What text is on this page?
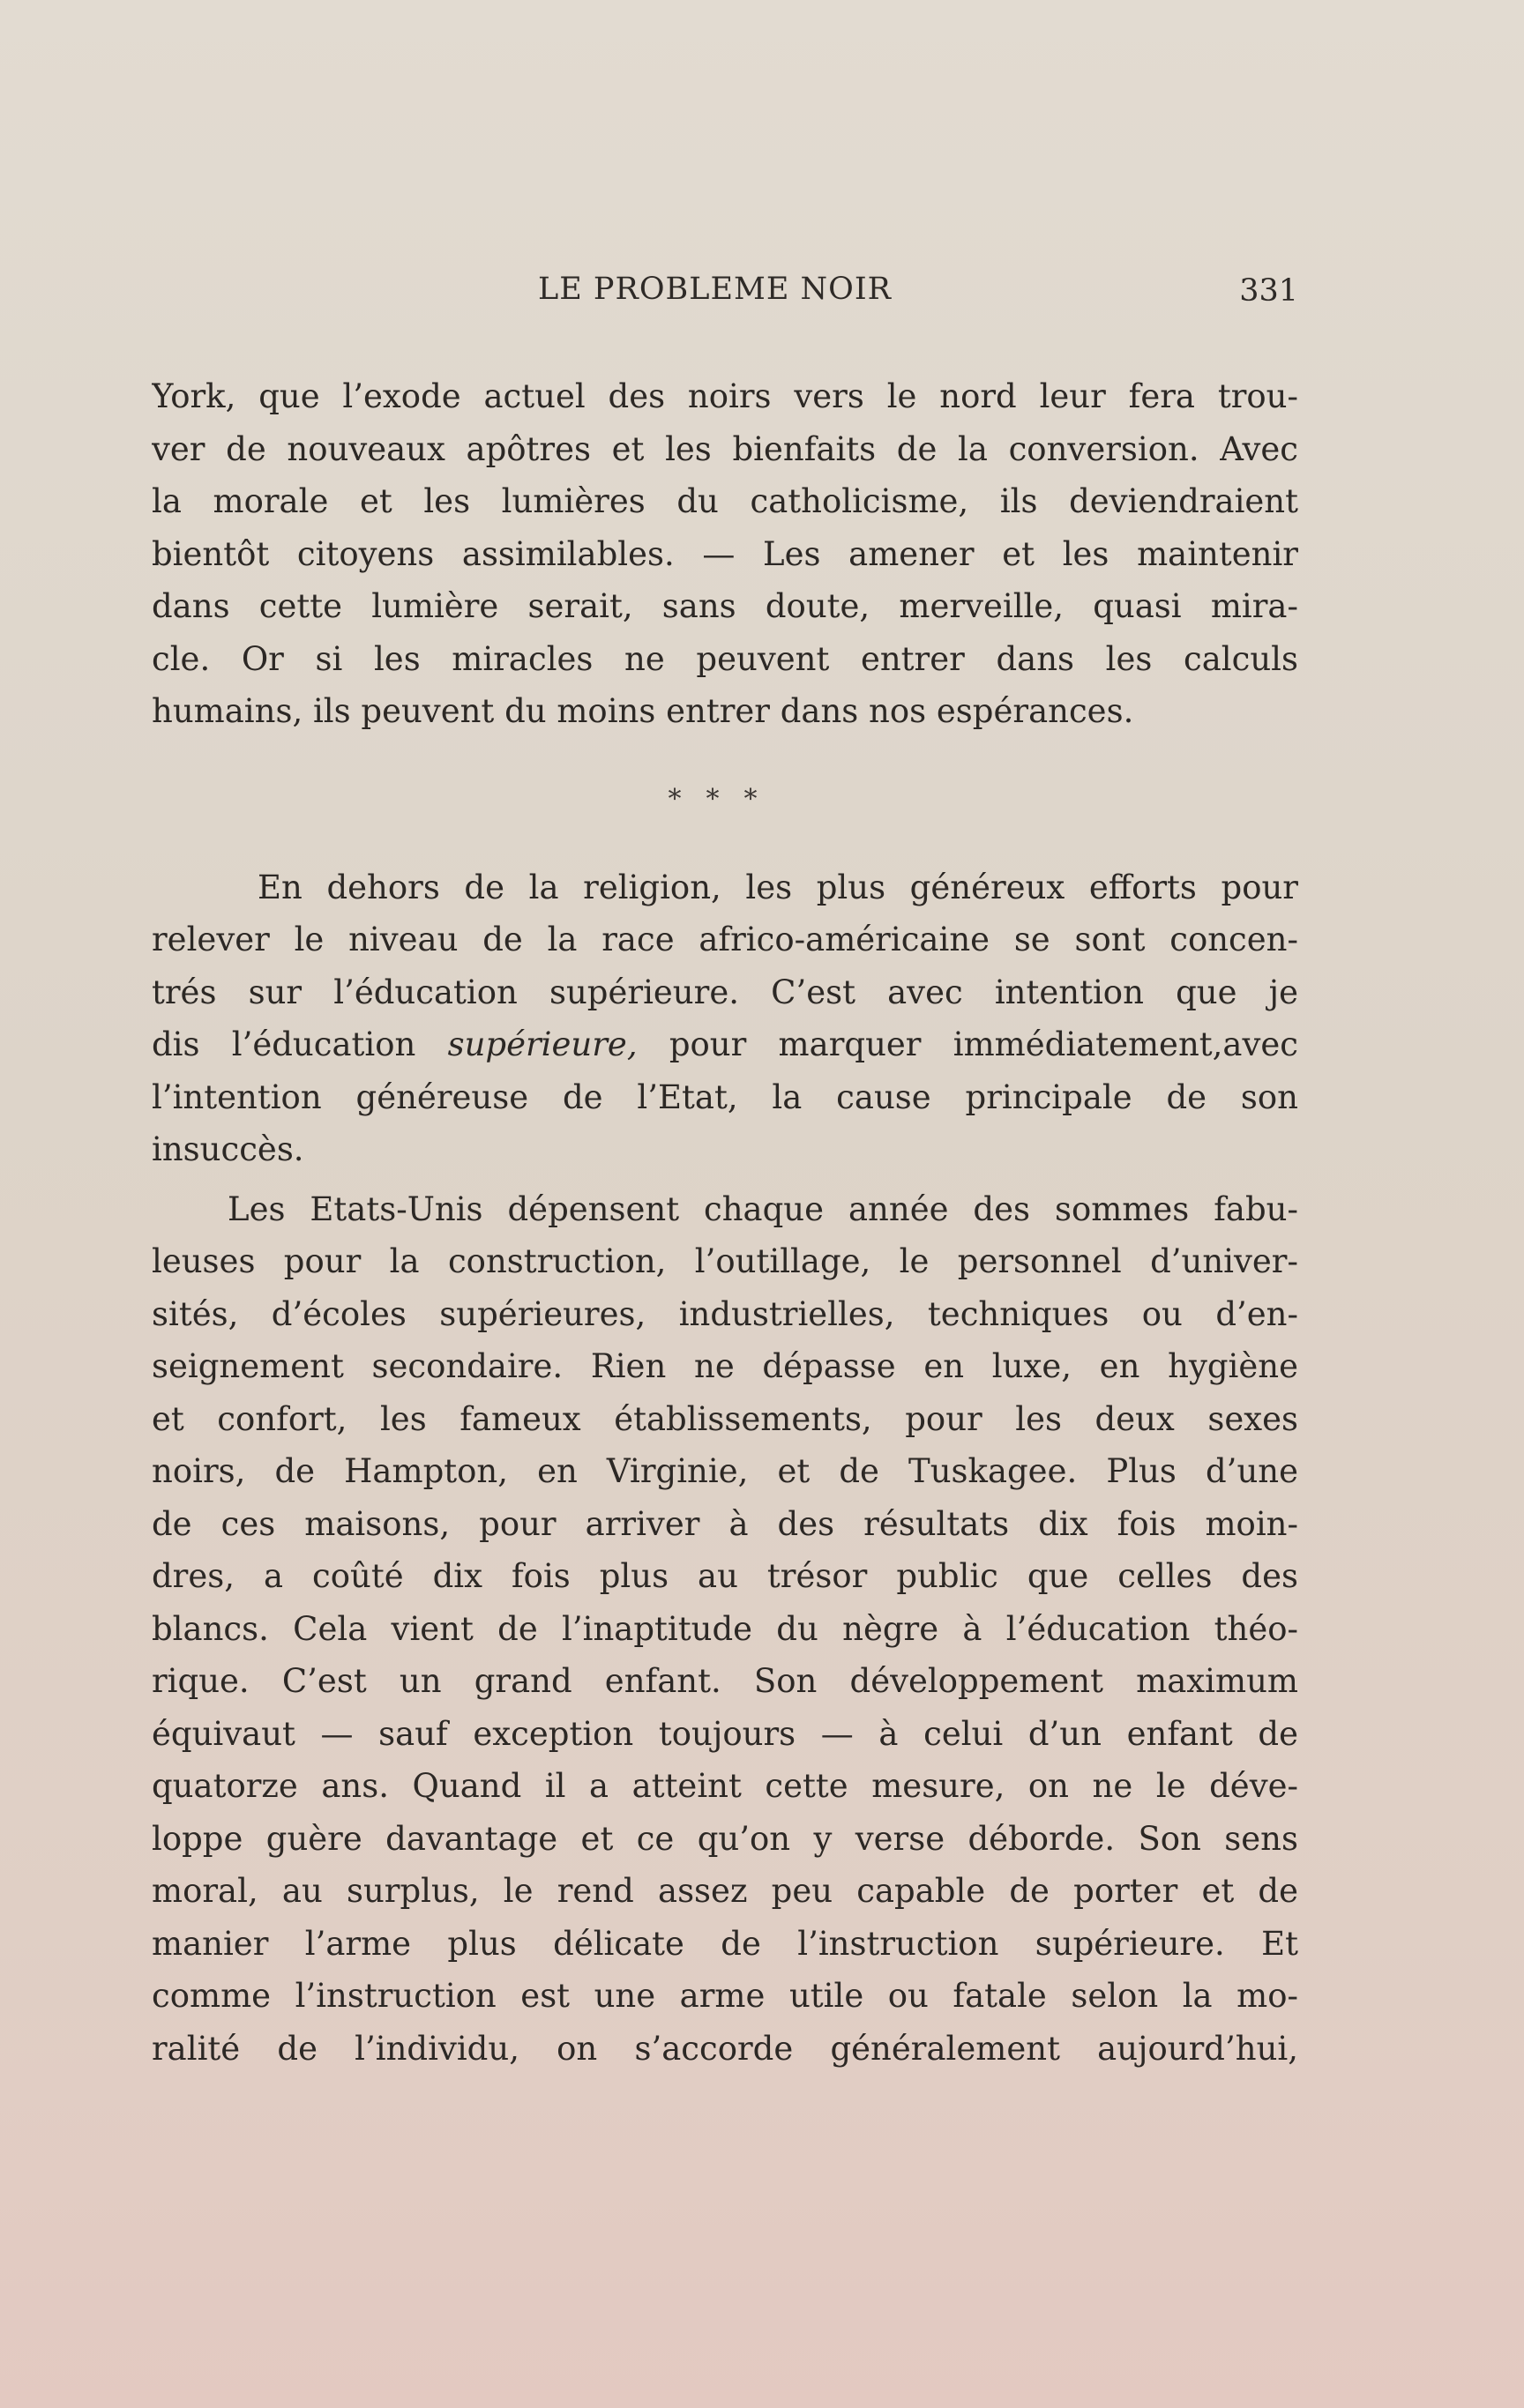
LE PROBLEME NOIR	331
York, que l’exode actuel des noirs vers le nord leur fera trou-
ver de nouveaux apôtres et les bienfaits de la conversion. Avec
la morale et les lumières du catholicisme, ils deviendraient
bientôt citoyens assimilables. — Les amener et les maintenir
dans cette lumière serait, sans doute, merveille, quasi mira-
cle. Or si les miracles ne peuvent entrer dans les calculs
humains, ils peuvent du moins entrer dans nos espérances.
***
En dehors de la religion, les plus généreux efforts pour
relever le niveau de la race africo-américaine se sont concen-
trés sur l’éducation supérieure. C’est avec intention que je
dis l’éducation supérieure, pour marquer immédiatement,avec
l’intention généreuse de l’Etat, la cause principale de son
insuccès.
Les Etats-Unis dépensent chaque année des sommes fabu-
leuses pour la construction, l’outillage, le personnel d’univer-
sités, d’écoles supérieures, industrielles, techniques ou d’en-
seignement secondaire. Rien ne dépasse en luxe, en hygiène
et confort, les fameux établissements, pour les deux sexes
noirs, de Hampton, en Virginie, et de Tuskagee. Plus d’une
de ces maisons, pour arriver à des résultats dix fois moin-
dres, a coûté dix fois plus au trésor public que celles des
blancs. Cela vient de l’inaptitude du nègre à l’éducation théo-
rique. C’est un grand enfant. Son développement maximum
équivaut — sauf exception toujours — à celui d’un enfant de
quatorze ans. Quand il a atteint cette mesure, on ne le déve-
loppe guère davantage et ce qu’on y verse déborde. Son sens
moral, au surplus, le rend assez peu capable de porter et de
manier l’arme plus délicate de l’instruction supérieure. Et
comme l’instruction est une arme utile ou fatale selon la mo-
ralité de l’individu, on s’accorde généralement aujourd’hui,
